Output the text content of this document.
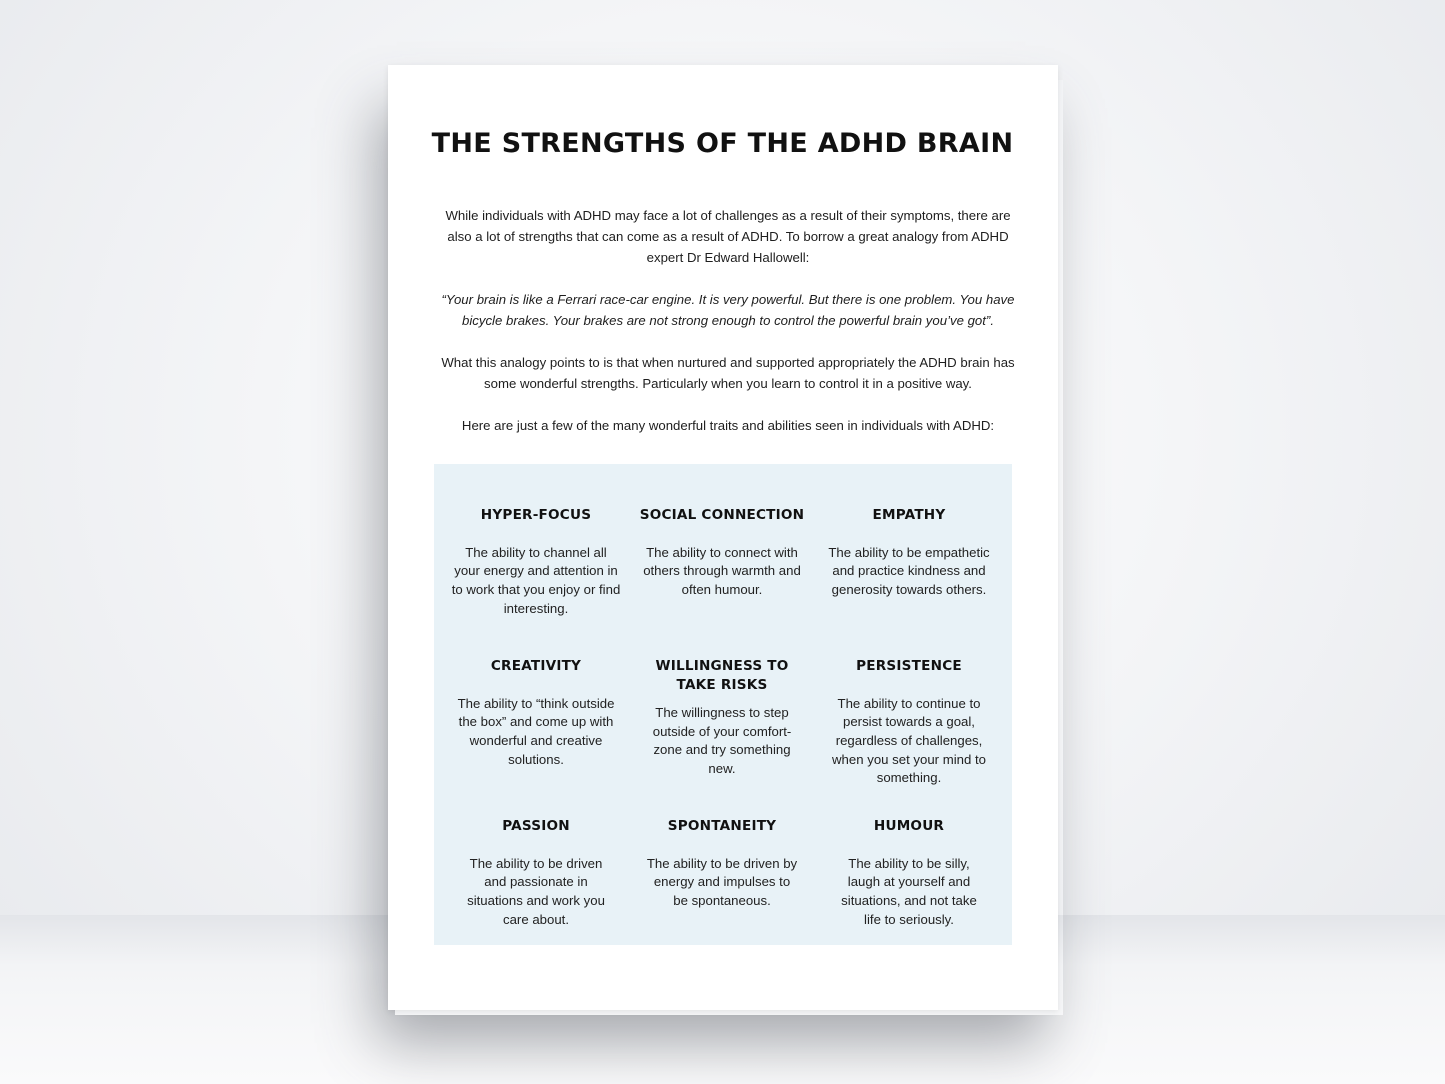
THE STRENGTHS OF THE ADHD BRAIN

While individuals with ADHD may face a lot of challenges as a result of their symptoms, there are also a lot of strengths that can come as a result of ADHD. To borrow a great analogy from ADHD expert Dr Edward Hallowell:

“Your brain is like a Ferrari race-car engine. It is very powerful. But there is one problem. You have bicycle brakes. Your brakes are not strong enough to control the powerful brain you’ve got”.

What this analogy points to is that when nurtured and supported appropriately the ADHD brain has some wonderful strengths. Particularly when you learn to control it in a positive way.

Here are just a few of the many wonderful traits and abilities seen in individuals with ADHD:

HYPER-FOCUS

The ability to channel all your energy and attention in to work that you enjoy or find interesting.

SOCIAL CONNECTION

The ability to connect with others through warmth and often humour.

EMPATHY

The ability to be empathetic and practice kindness and generosity towards others.

CREATIVITY

The ability to “think outside the box” and come up with wonderful and creative solutions.

WILLINGNESS TO TAKE RISKS

The willingness to step outside of your comfort-zone and try something new.

PERSISTENCE

The ability to continue to persist towards a goal, regardless of challenges, when you set your mind to something.

PASSION

The ability to be driven and passionate in situations and work you care about.

SPONTANEITY

The ability to be driven by energy and impulses to be spontaneous.

HUMOUR

The ability to be silly, laugh at yourself and situations, and not take life to seriously.
